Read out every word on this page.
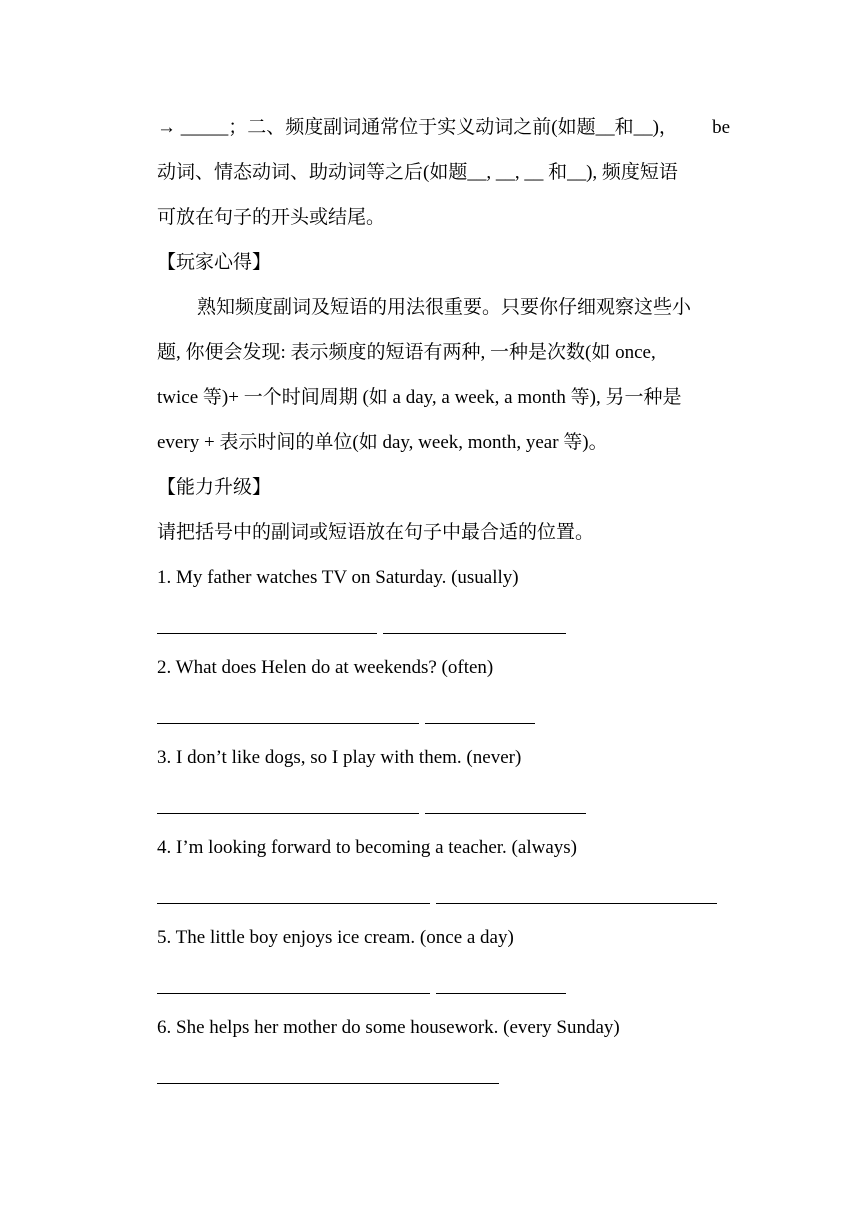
→ _____；二、频度副词通常位于实义动词之前(如题__和__)， be
动词、情态动词、助动词等之后(如题__, __, __ 和__), 频度短语
可放在句子的开头或结尾。
【玩家心得】
熟知频度副词及短语的用法很重要。只要你仔细观察这些小
题, 你便会发现: 表示频度的短语有两种, 一种是次数(如 once,
twice 等)+ 一个时间周期 (如 a day, a week, a month 等), 另一种是
every + 表示时间的单位(如 day, week, month, year 等)。
【能力升级】
请把括号中的副词或短语放在句子中最合适的位置。
1. My father watches TV on Saturday. (usually)
2. What does Helen do at weekends? (often)
3. I don’t like dogs, so I play with them. (never)
4. I’m looking forward to becoming a teacher. (always)
5. The little boy enjoys ice cream. (once a day)
6. She helps her mother do some housework. (every Sunday)
